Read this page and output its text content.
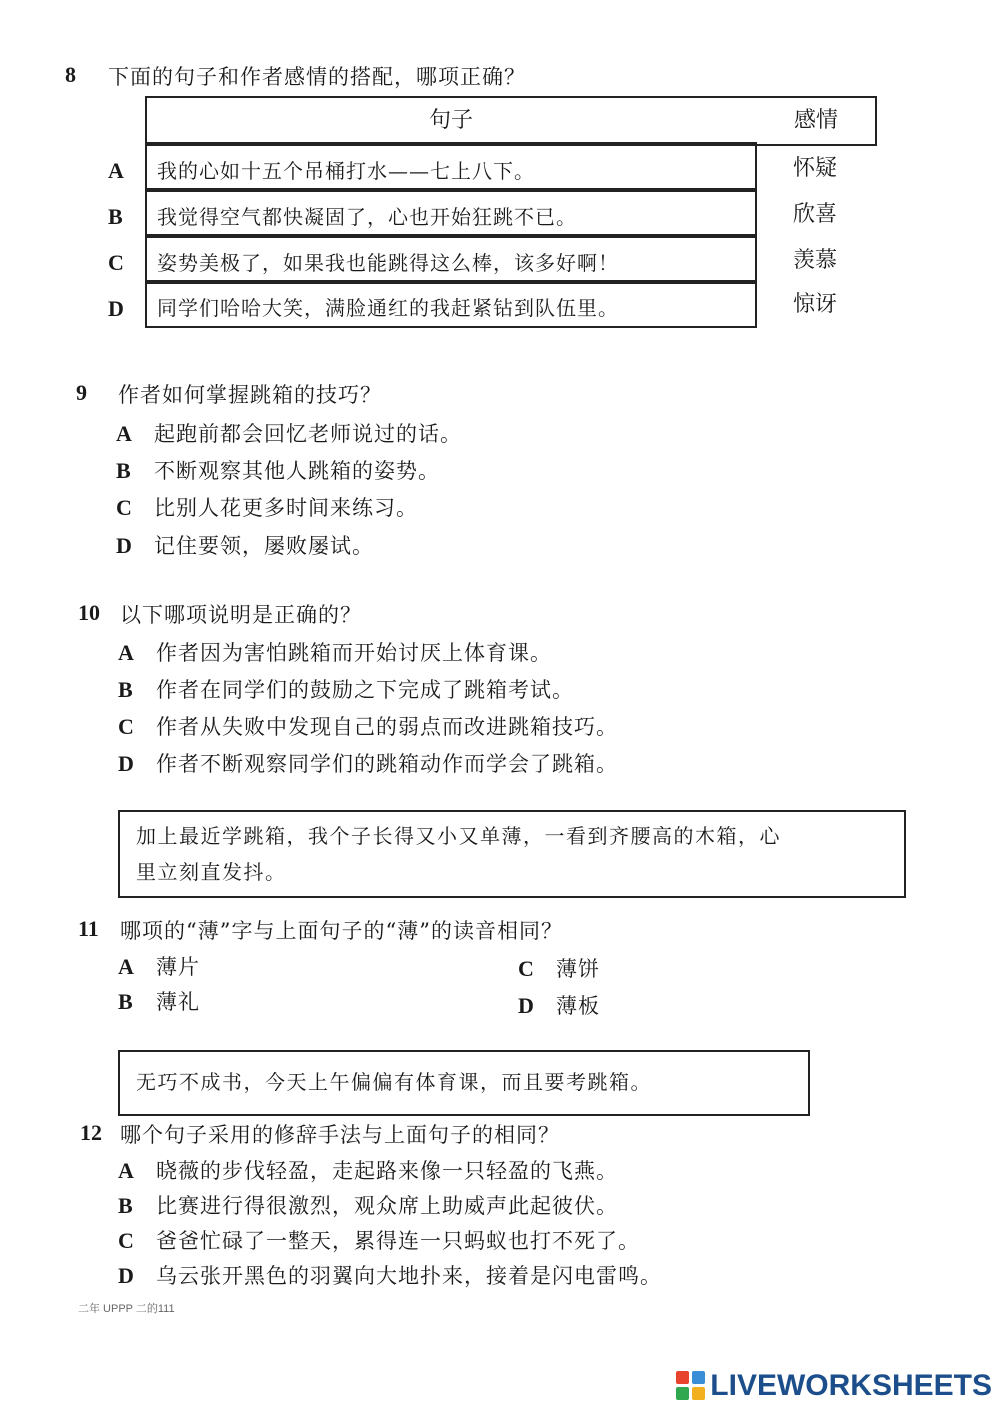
8 下面的句子和作者感情的搭配，哪项正确？
句子	感情
A 我的心如十五个吊桶打水——七上八下。	怀疑
B 我觉得空气都快凝固了，心也开始狂跳不已。	欣喜
C 姿势美极了，如果我也能跳得这么棒，该多好啊！	羡慕
D 同学们哈哈大笑，满脸通红的我赶紧钻到队伍里。	惊讶
9 作者如何掌握跳箱的技巧？
A 起跑前都会回忆老师说过的话。
B 不断观察其他人跳箱的姿势。
C 比别人花更多时间来练习。
D 记住要领，屡败屡试。
10 以下哪项说明是正确的？
A 作者因为害怕跳箱而开始讨厌上体育课。
B 作者在同学们的鼓励之下完成了跳箱考试。
C 作者从失败中发现自己的弱点而改进跳箱技巧。
D 作者不断观察同学们的跳箱动作而学会了跳箱。
加上最近学跳箱，我个子长得又小又单薄，一看到齐腰高的木箱，心
里立刻直发抖。
11 哪项的“薄”字与上面句子的“薄”的读音相同？
A 薄片	C 薄饼
B 薄礼	D 薄板
无巧不成书，今天上午偏偏有体育课，而且要考跳箱。
12 哪个句子采用的修辞手法与上面句子的相同？
A 晓薇的步伐轻盈，走起路来像一只轻盈的飞燕。
B 比赛进行得很激烈，观众席上助威声此起彼伏。
C 爸爸忙碌了一整天，累得连一只蚂蚁也打不死了。
D 乌云张开黑色的羽翼向大地扑来，接着是闪电雷鸣。
二年 UPPP 二的111
LIVEWORKSHEETS
